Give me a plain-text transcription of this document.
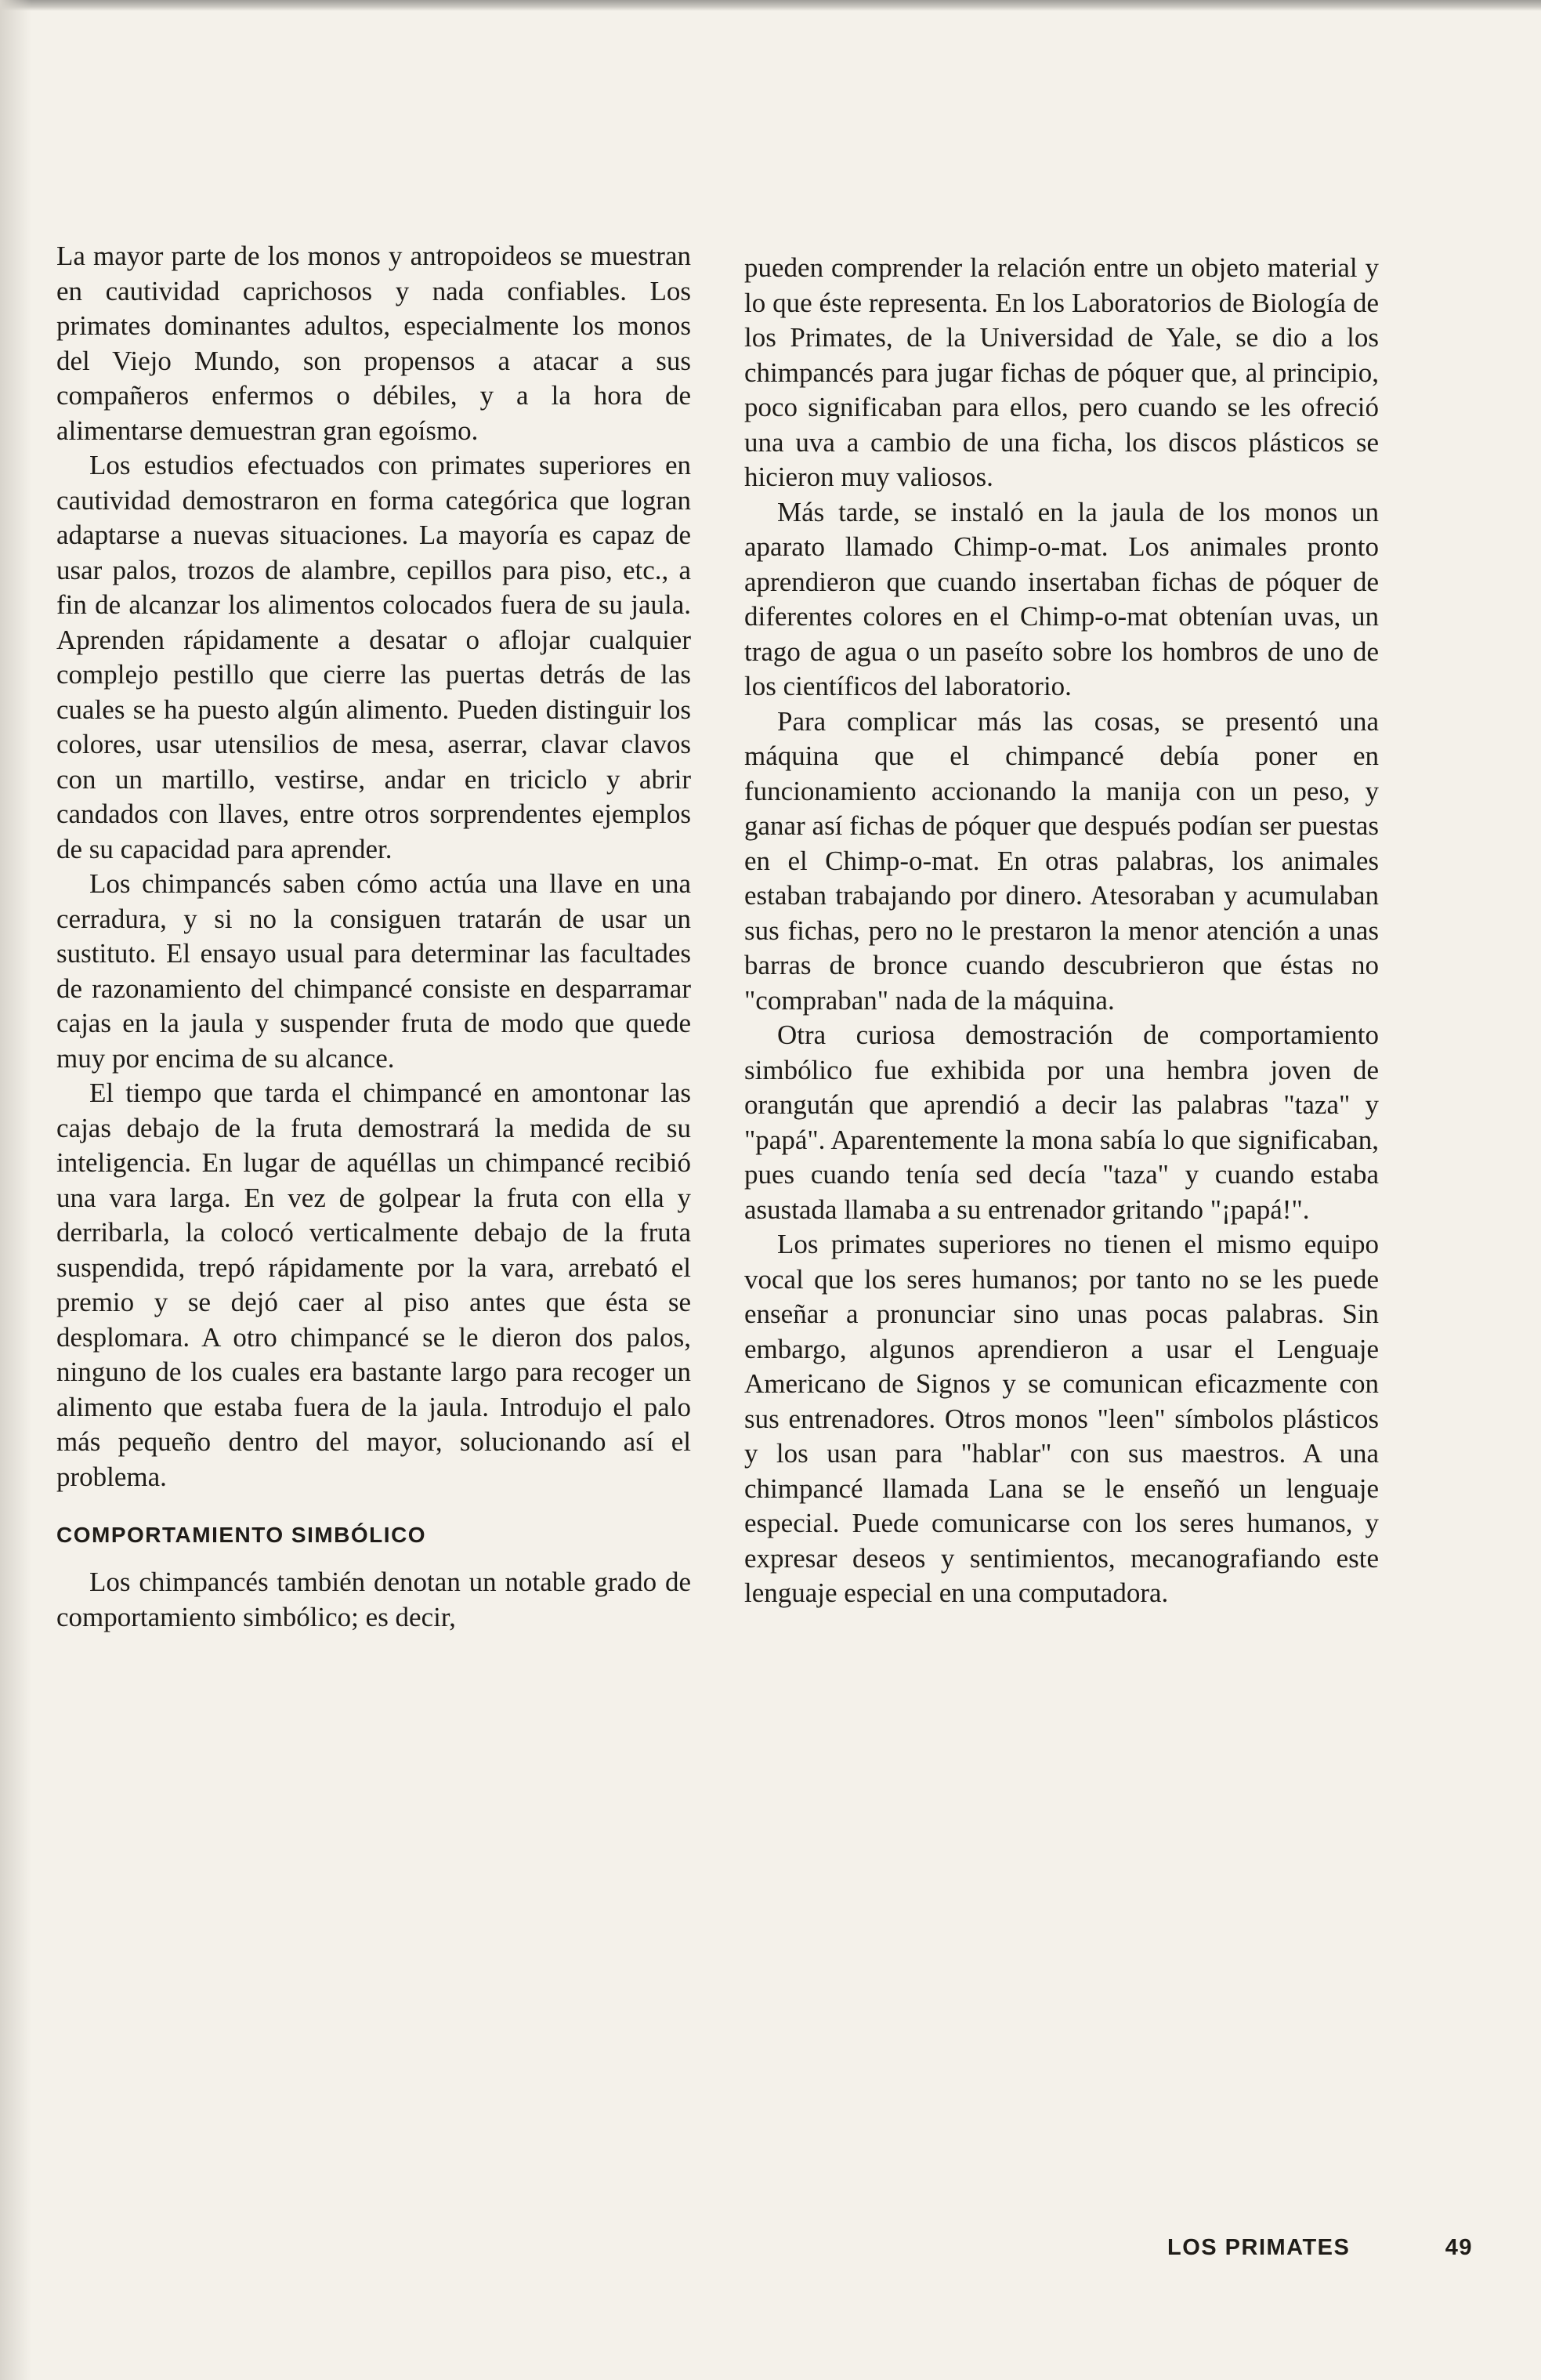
La mayor parte de los monos y antropoideos se muestran en cautividad caprichosos y nada confiables. Los primates dominantes adultos, especialmente los monos del Viejo Mundo, son propensos a atacar a sus compañeros enfermos o débiles, y a la hora de alimentarse demuestran gran egoísmo.

Los estudios efectuados con primates superiores en cautividad demostraron en forma categórica que logran adaptarse a nuevas situaciones. La mayoría es capaz de usar palos, trozos de alambre, cepillos para piso, etc., a fin de alcanzar los alimentos colocados fuera de su jaula. Aprenden rápidamente a desatar o aflojar cualquier complejo pestillo que cierre las puertas detrás de las cuales se ha puesto algún alimento. Pueden distinguir los colores, usar utensilios de mesa, aserrar, clavar clavos con un martillo, vestirse, andar en triciclo y abrir candados con llaves, entre otros sorprendentes ejemplos de su capacidad para aprender.

Los chimpancés saben cómo actúa una llave en una cerradura, y si no la consiguen tratarán de usar un sustituto. El ensayo usual para determinar las facultades de razonamiento del chimpancé consiste en desparramar cajas en la jaula y suspender fruta de modo que quede muy por encima de su alcance.

El tiempo que tarda el chimpancé en amontonar las cajas debajo de la fruta demostrará la medida de su inteligencia. En lugar de aquéllas un chimpancé recibió una vara larga. En vez de golpear la fruta con ella y derribarla, la colocó verticalmente debajo de la fruta suspendida, trepó rápidamente por la vara, arrebató el premio y se dejó caer al piso antes que ésta se desplomara. A otro chimpancé se le dieron dos palos, ninguno de los cuales era bastante largo para recoger un alimento que estaba fuera de la jaula. Introdujo el palo más pequeño dentro del mayor, solucionando así el problema.

COMPORTAMIENTO SIMBÓLICO

Los chimpancés también denotan un notable grado de comportamiento simbólico; es decir,

pueden comprender la relación entre un objeto material y lo que éste representa. En los Laboratorios de Biología de los Primates, de la Universidad de Yale, se dio a los chimpancés para jugar fichas de póquer que, al principio, poco significaban para ellos, pero cuando se les ofreció una uva a cambio de una ficha, los discos plásticos se hicieron muy valiosos.

Más tarde, se instaló en la jaula de los monos un aparato llamado Chimp-o-mat. Los animales pronto aprendieron que cuando insertaban fichas de póquer de diferentes colores en el Chimp-o-mat obtenían uvas, un trago de agua o un paseíto sobre los hombros de uno de los científicos del laboratorio.

Para complicar más las cosas, se presentó una máquina que el chimpancé debía poner en funcionamiento accionando la manija con un peso, y ganar así fichas de póquer que después podían ser puestas en el Chimp-o-mat. En otras palabras, los animales estaban trabajando por dinero. Atesoraban y acumulaban sus fichas, pero no le prestaron la menor atención a unas barras de bronce cuando descubrieron que éstas no "compraban" nada de la máquina.

Otra curiosa demostración de comportamiento simbólico fue exhibida por una hembra joven de orangután que aprendió a decir las palabras "taza" y "papá". Aparentemente la mona sabía lo que significaban, pues cuando tenía sed decía "taza" y cuando estaba asustada llamaba a su entrenador gritando "¡papá!".

Los primates superiores no tienen el mismo equipo vocal que los seres humanos; por tanto no se les puede enseñar a pronunciar sino unas pocas palabras. Sin embargo, algunos aprendieron a usar el Lenguaje Americano de Signos y se comunican eficazmente con sus entrenadores. Otros monos "leen" símbolos plásticos y los usan para "hablar" con sus maestros. A una chimpancé llamada Lana se le enseñó un lenguaje especial. Puede comunicarse con los seres humanos, y expresar deseos y sentimientos, mecanografiando este lenguaje especial en una computadora.

LOS PRIMATES	49
